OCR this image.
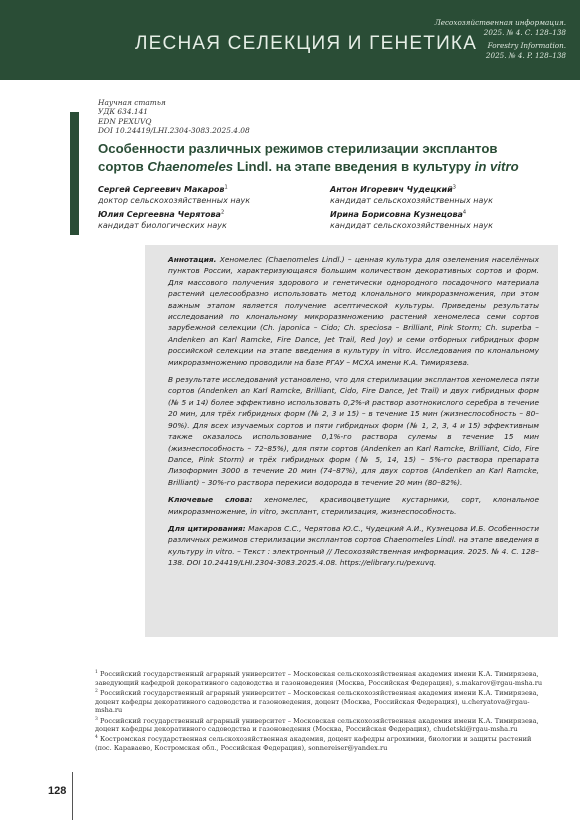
ЛЕСНАЯ СЕЛЕКЦИЯ И ГЕНЕТИКА
Лесохозяйственная информация.
2025. № 4. С. 128–138
Forestry Information.
2025. № 4. P. 128–138
Научная статья
УДК 634.141
EDN PEXUVQ
DOI 10.24419/LHI.2304-3083.2025.4.08
Особенности различных режимов стерилизации эксплантов сортов Chaenomeles Lindl. на этапе введения в культуру in vitro
Сергей Сергеевич Макаров$^1$
доктор сельскохозяйственных наук
Юлия Сергеевна Чеpятова$^2$
кандидат биологических наук
Антон Игоревич Чудецкий$^3$
кандидат сельскохозяйственных наук
Ирина Борисовна Кузнецова$^4$
кандидат сельскохозяйственных наук

Аннотация. Хеномелес (Chaenomeles Lindl.) – ценная культура для озеленения населённых пунктов России, характеризующаяся большим количеством декоративных сортов и форм. Для массового получения здорового и генетически однородного посадочного материала растений целесообразно использовать метод клонального микроразмножения, при этом важным этапом является получение асептической культуры. Приведены результаты исследований по клональному микроразмножению растений хеномелеса семи сортов зарубежной селекции (Ch. japonica – Cido; Ch. speciosa – Brilliant, Pink Storm; Ch. superba – Andenken an Karl Ramcke, Fire Dance, Jet Trail, Red Joy) и семи отборных гибридных форм российской селекции на этапе введения в культуру in vitro. Исследования по клональному микроразмножению проводили на базе РГАУ – МСХА имени К.А. Тимирязева.

В результате исследований установлено, что для стерилизации эксплантов хеномелеса пяти сортов (Andenken an Karl Ramcke, Brilliant, Cido, Fire Dance, Jet Trail) и двух гибридных форм (№ 5 и 14) более эффективно использовать 0,2%-й раствор азотнокислого серебра в течение 20 мин, для трёх гибридных форм (№ 2, 3 и 15) – в течение 15 мин (жизнеспособность – 80–90%). Для всех изучаемых сортов и пяти гибридных форм (№ 1, 2, 3, 4 и 15) эффективным также оказалось использование 0,1%-го раствора сулемы в течение 15 мин (жизнеспособность – 72–85%), для пяти сортов (Andenken an Karl Ramcke, Brilliant, Cido, Fire Dance, Pink Storm) и трёх гибридных форм (№ 5, 14, 15) – 5%-го раствора препарата Лизоформин 3000 в течение 20 мин (74–87%), для двух сортов (Andenken an Karl Ramcke, Brilliant) – 30%-го раствора перекиси водорода в течение 20 мин (80–82%).

Ключевые слова: хеномелес, красивоцветущие кустарники, сорт, клональное микроразмножение, in vitro, эксплант, стерилизация, жизнеспособность.

Для цитирования: Макаров С.С., Чеpятова Ю.С., Чудецкий А.И., Кузнецова И.Б. Особенности различных режимов стерилизации эксплантов сортов Chaenomeles Lindl. на этапе введения в культуру in vitro. – Текст : электронный // Лесохозяйственная информация. 2025. № 4. С. 128–138. DOI 10.24419/LHI.2304-3083.2025.4.08. https://elibrary.ru/pexuvq.

$^1$ Российский государственный аграрный университет – Московская сельскохозяйственная академия имени К.А. Тимирязева, заведующий кафедрой декоративного садоводства и газоноведения (Москва, Российская Федерация), s.makarov@rgau-msha.ru
$^2$ Российский государственный аграрный университет – Московская сельскохозяйственная академия имени К.А. Тимирязева, доцент кафедры декоративного садоводства и газоноведения, доцент (Москва, Российская Федерация), u.cheryatova@rgau-msha.ru
$^3$ Российский государственный аграрный университет – Московская сельскохозяйственная академия имени К.А. Тимирязева, доцент кафедры декоративного садоводства и газоноведения (Москва, Российская Федерация), chudetski@rgau-msha.ru
$^4$ Костромская государственная сельскохозяйственная академия, доцент кафедры агрохимии, биологии и защиты растений (пос. Караваево, Костромская обл., Российская Федерация), sonnereiser@yandex.ru
128
